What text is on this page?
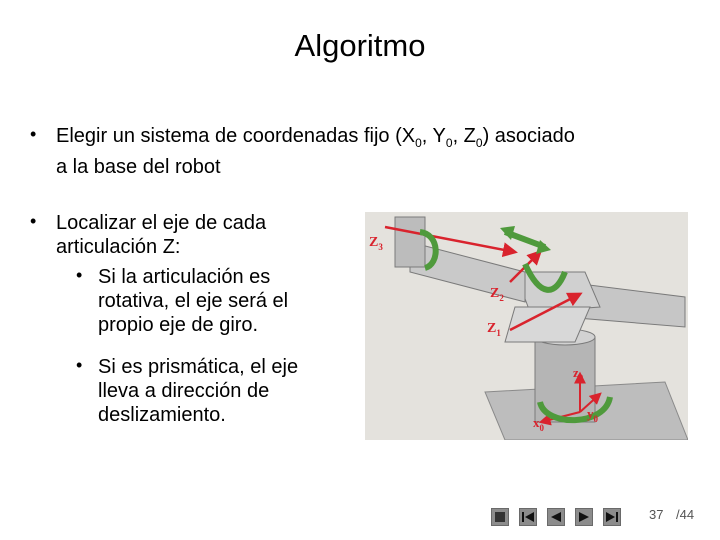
Algoritmo
• Elegir un sistema de coordenadas fijo ($X_0$, $Y_0$, $Z_0$) asociado
a la base del robot
• Localizar el eje de cada
articulación Z:
• Si la articulación es
rotativa, el eje será el
propio eje de giro.
• Si es prismática, el eje
lleva a dirección de
deslizamiento.
$Z_3$
$Z_2$
$Z_1$
$z_0$
$y_0$
$x_0$
37 /44
